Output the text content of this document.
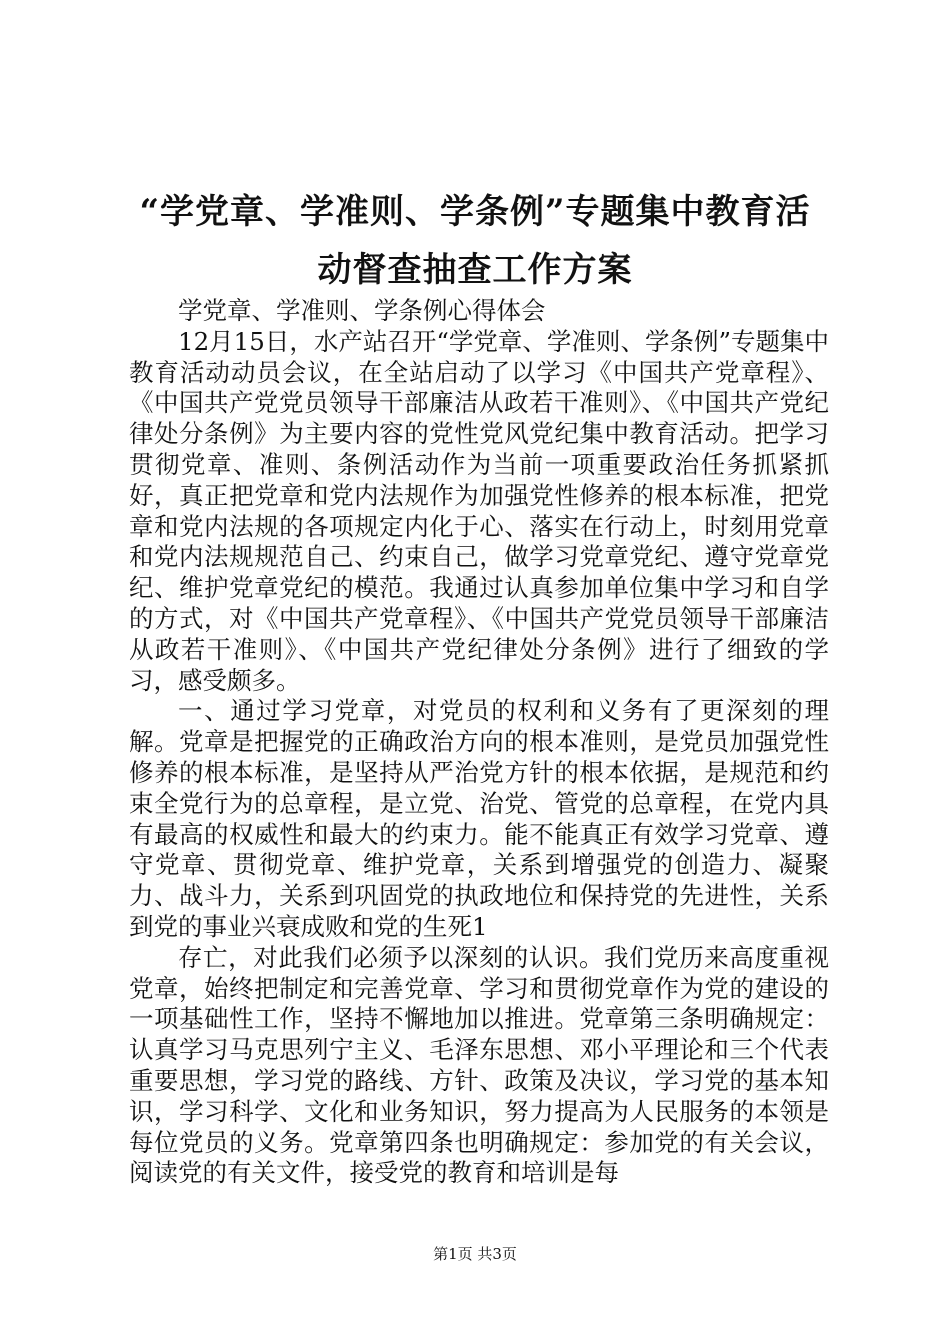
“学党章、学准则、学条例”专题集中教育活
动督查抽查工作方案

学党章、学准则、学条例心得体会

12月15日，水产站召开“学党章、学准则、学条例”专题集中教育活动动员会议，在全站启动了以学习《中国共产党章程》、《中国共产党党员领导干部廉洁从政若干准则》、《中国共产党纪律处分条例》为主要内容的党性党风党纪集中教育活动。把学习贯彻党章、准则、条例活动作为当前一项重要政治任务抓紧抓好，真正把党章和党内法规作为加强党性修养的根本标准，把党章和党内法规的各项规定内化于心、落实在行动上，时刻用党章和党内法规规范自己、约束自己，做学习党章党纪、遵守党章党纪、维护党章党纪的模范。我通过认真参加单位集中学习和自学的方式，对《中国共产党章程》、《中国共产党党员领导干部廉洁从政若干准则》、《中国共产党纪律处分条例》进行了细致的学习，感受颇多。

一、通过学习党章，对党员的权利和义务有了更深刻的理解。党章是把握党的正确政治方向的根本准则，是党员加强党性修养的根本标准，是坚持从严治党方针的根本依据，是规范和约束全党行为的总章程，是立党、治党、管党的总章程，在党内具有最高的权威性和最大的约束力。能不能真正有效学习党章、遵守党章、贯彻党章、维护党章，关系到增强党的创造力、凝聚力、战斗力，关系到巩固党的执政地位和保持党的先进性，关系到党的事业兴衰成败和党的生死1

存亡，对此我们必须予以深刻的认识。我们党历来高度重视党章，始终把制定和完善党章、学习和贯彻党章作为党的建设的一项基础性工作，坚持不懈地加以推进。党章第三条明确规定：认真学习马克思列宁主义、毛泽东思想、邓小平理论和三个代表重要思想，学习党的路线、方针、政策及决议，学习党的基本知识，学习科学、文化和业务知识，努力提高为人民服务的本领是每位党员的义务。党章第四条也明确规定：参加党的有关会议，阅读党的有关文件，接受党的教育和培训是每

第1页 共3页
